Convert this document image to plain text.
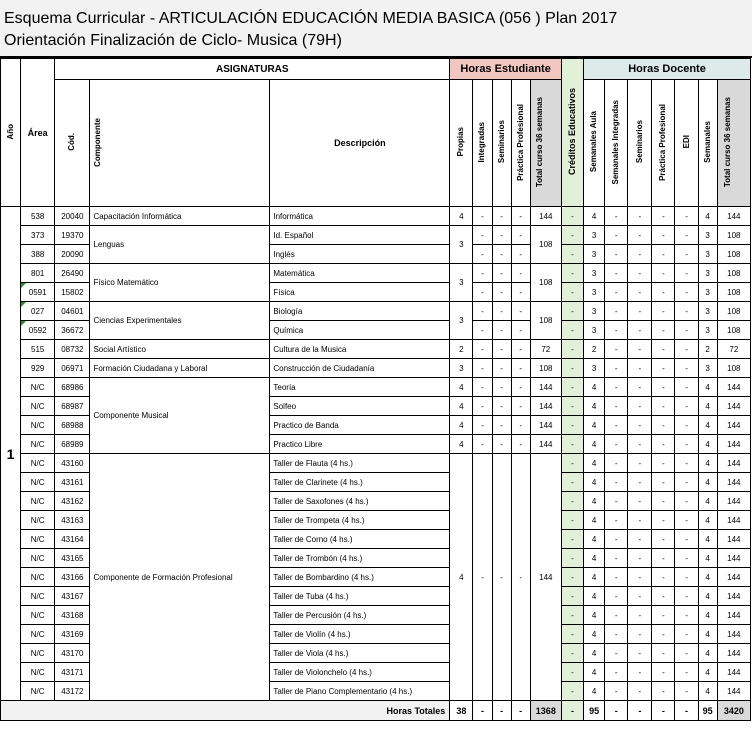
Esquema Curricular - ARTICULACIÓN EDUCACIÓN MEDIA BASICA (056 ) Plan 2017
Orientación Finalización de Ciclo- Musica (79H)
Año	Área	ASIGNATURAS			Horas Estudiante					Créditos Educativos	Horas Docente						
		Cód.	Componente	Descripción	Propias	Integradas	Seminarios	Práctica Profesional	Total curso 36 semanas		Semanales Aula	Semanales Integradas	Seminarios	Práctica Profesional	EDI	Semanales	Total curso 36 semanas
1	538	20040	Capacitación Informática	Informática	4	-	-	-	144	-	4	-	-	-	-	4	144
	373	19370	Lenguas	Id. Español	3	-	-	-	108	-	3	-	-	-	-	3	108
	388	20090		Inglés		-	-	-		-	3	-	-	-	-	3	108
	801	26490	Físico Matemático	Matemática	3	-	-	-	108	-	3	-	-	-	-	3	108
	0591	15802		Física		-	-	-		-	3	-	-	-	-	3	108
	027	04601	Ciencias Experimentales	Biología	3	-	-	-	108	-	3	-	-	-	-	3	108
	0592	36672		Química		-	-	-		-	3	-	-	-	-	3	108
	515	08732	Social Artístico	Cultura de la Musica	2	-	-	-	72	-	2	-	-	-	-	2	72
	929	06971	Formación Ciudadana y Laboral	Construcción de Ciudadanía	3	-	-	-	108	-	3	-	-	-	-	3	108
	N/C	68986	Componente Musical	Teoría	4	-	-	-	144	-	4	-	-	-	-	4	144
	N/C	68987		Solfeo	4	-	-	-	144	-	4	-	-	-	-	4	144
	N/C	68988		Practico de Banda	4	-	-	-	144	-	4	-	-	-	-	4	144
	N/C	68989		Practico Libre	4	-	-	-	144	-	4	-	-	-	-	4	144
	N/C	43160	Componente de Formación Profesional	Taller de Flauta (4 hs.)	4	-	-	-	144	-	4	-	-	-	-	4	144
	N/C	43161		Taller de Clarinete (4 hs.)						-	4	-	-	-	-	4	144
	N/C	43162		Taller de Saxofones (4 hs.)						-	4	-	-	-	-	4	144
	N/C	43163		Taller de Trompeta (4 hs.)						-	4	-	-	-	-	4	144
	N/C	43164		Taller de Corno (4 hs.)						-	4	-	-	-	-	4	144
	N/C	43165		Taller de Trombón (4 hs.)						-	4	-	-	-	-	4	144
	N/C	43166		Taller de Bombardino (4 hs.)						-	4	-	-	-	-	4	144
	N/C	43167		Taller de Tuba (4 hs.)						-	4	-	-	-	-	4	144
	N/C	43168		Taller de Percusión (4 hs.)						-	4	-	-	-	-	4	144
	N/C	43169		Taller de Violín (4 hs.)						-	4	-	-	-	-	4	144
	N/C	43170		Taller de Viola (4 hs.)						-	4	-	-	-	-	4	144
	N/C	43171		Taller de Violonchelo (4 hs.)						-	4	-	-	-	-	4	144
	N/C	43172		Taller de Piano Complementario (4 hs.)						-	4	-	-	-	-	4	144
Horas Totales					38	-	-	-	1368	-	95	-	-	-	-	95	3420
